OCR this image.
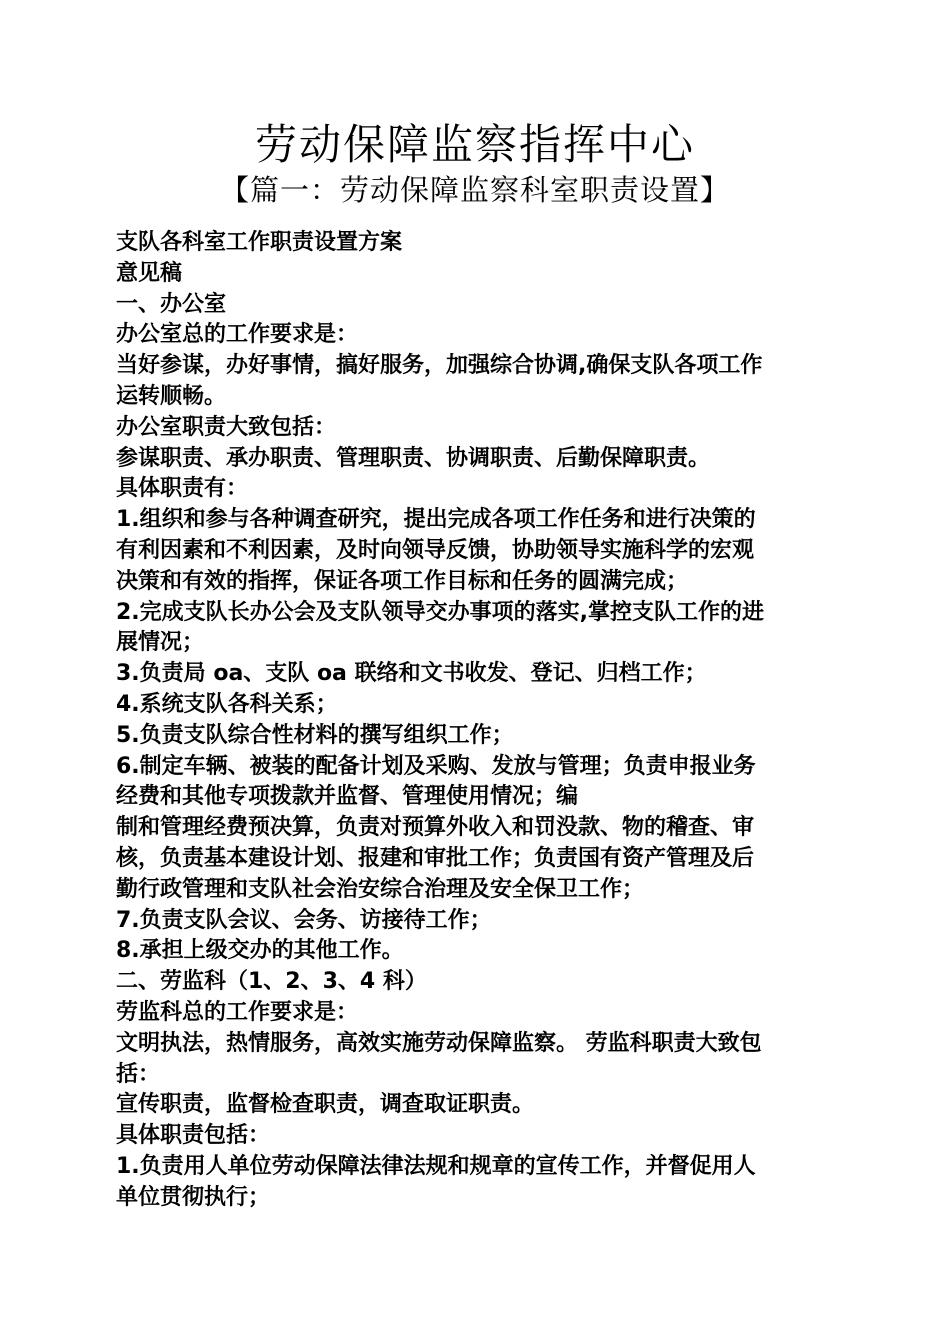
劳动保障监察指挥中心
【篇一：劳动保障监察科室职责设置】
支队各科室工作职责设置方案
意见稿
一、办公室
办公室总的工作要求是：
当好参谋，办好事情，搞好服务，加强综合协调,确保支队各项工作
运转顺畅。
办公室职责大致包括：
参谋职责、承办职责、管理职责、协调职责、后勤保障职责。
具体职责有：
1.组织和参与各种调查研究，提出完成各项工作任务和进行决策的
有利因素和不利因素，及时向领导反馈，协助领导实施科学的宏观
决策和有效的指挥，保证各项工作目标和任务的圆满完成；
2.完成支队长办公会及支队领导交办事项的落实,掌控支队工作的进
展情况；
3.负责局 oa、支队 oa 联络和文书收发、登记、归档工作；
4.系统支队各科关系；
5.负责支队综合性材料的撰写组织工作；
6.制定车辆、被装的配备计划及采购、发放与管理；负责申报业务
经费和其他专项拨款并监督、管理使用情况；编
制和管理经费预决算，负责对预算外收入和罚没款、物的稽查、审
核，负责基本建设计划、报建和审批工作；负责国有资产管理及后
勤行政管理和支队社会治安综合治理及安全保卫工作；
7.负责支队会议、会务、访接待工作；
8.承担上级交办的其他工作。
二、劳监科（1、2、3、4 科）
劳监科总的工作要求是：
文明执法，热情服务，高效实施劳动保障监察。 劳监科职责大致包
括：
宣传职责，监督检查职责，调查取证职责。
具体职责包括：
1.负责用人单位劳动保障法律法规和规章的宣传工作，并督促用人
单位贯彻执行；
